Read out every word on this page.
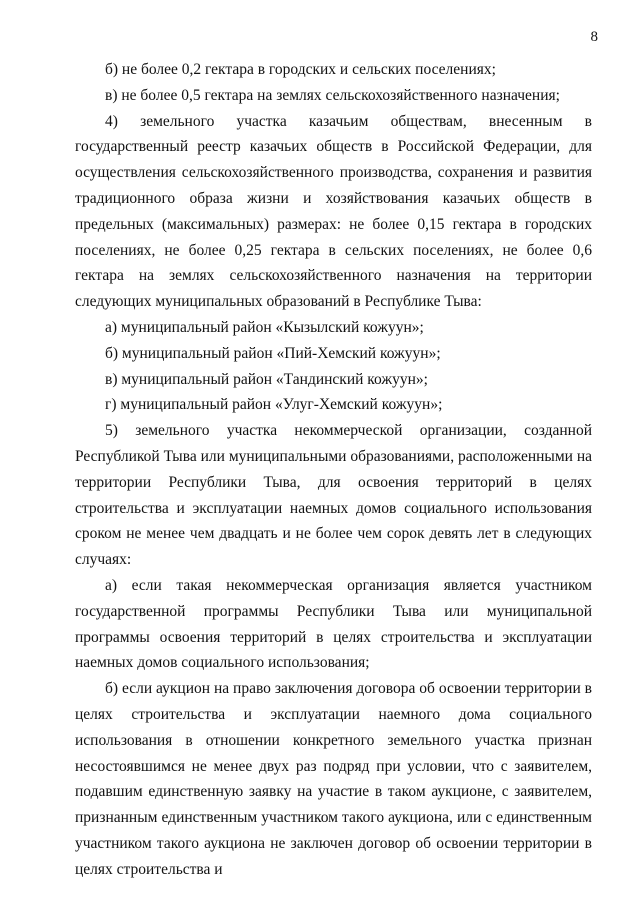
8

б) не более 0,2 гектара в городских и сельских поселениях;

в) не более 0,5 гектара на землях сельскохозяйственного назначения;

4) земельного участка казачьим обществам, внесенным в государственный реестр казачьих обществ в Российской Федерации, для осуществления сельскохозяйственного производства, сохранения и развития традиционного образа жизни и хозяйствования казачьих обществ в предельных (максимальных) размерах: не более 0,15 гектара в городских поселениях, не более 0,25 гектара в сельских поселениях, не более 0,6 гектара на землях сельскохозяйственного назначения на территории следующих муниципальных образований в Республике Тыва:

а) муниципальный район «Кызылский кожуун»;

б) муниципальный район «Пий-Хемский кожуун»;

в) муниципальный район «Тандинский кожуун»;

г) муниципальный район «Улуг-Хемский кожуун»;

5) земельного участка некоммерческой организации, созданной Республикой Тыва или муниципальными образованиями, расположенными на территории Республики Тыва, для освоения территорий в целях строительства и эксплуатации наемных домов социального использования сроком не менее чем двадцать и не более чем сорок девять лет в следующих случаях:

а) если такая некоммерческая организация является участником государственной программы Республики Тыва или муниципальной программы освоения территорий в целях строительства и эксплуатации наемных домов социального использования;

б) если аукцион на право заключения договора об освоении территории в целях строительства и эксплуатации наемного дома социального использования в отношении конкретного земельного участка признан несостоявшимся не менее двух раз подряд при условии, что с заявителем, подавшим единственную заявку на участие в таком аукционе, с заявителем, признанным единственным участником такого аукциона, или с единственным участником такого аукциона не заключен договор об освоении территории в целях строительства и
